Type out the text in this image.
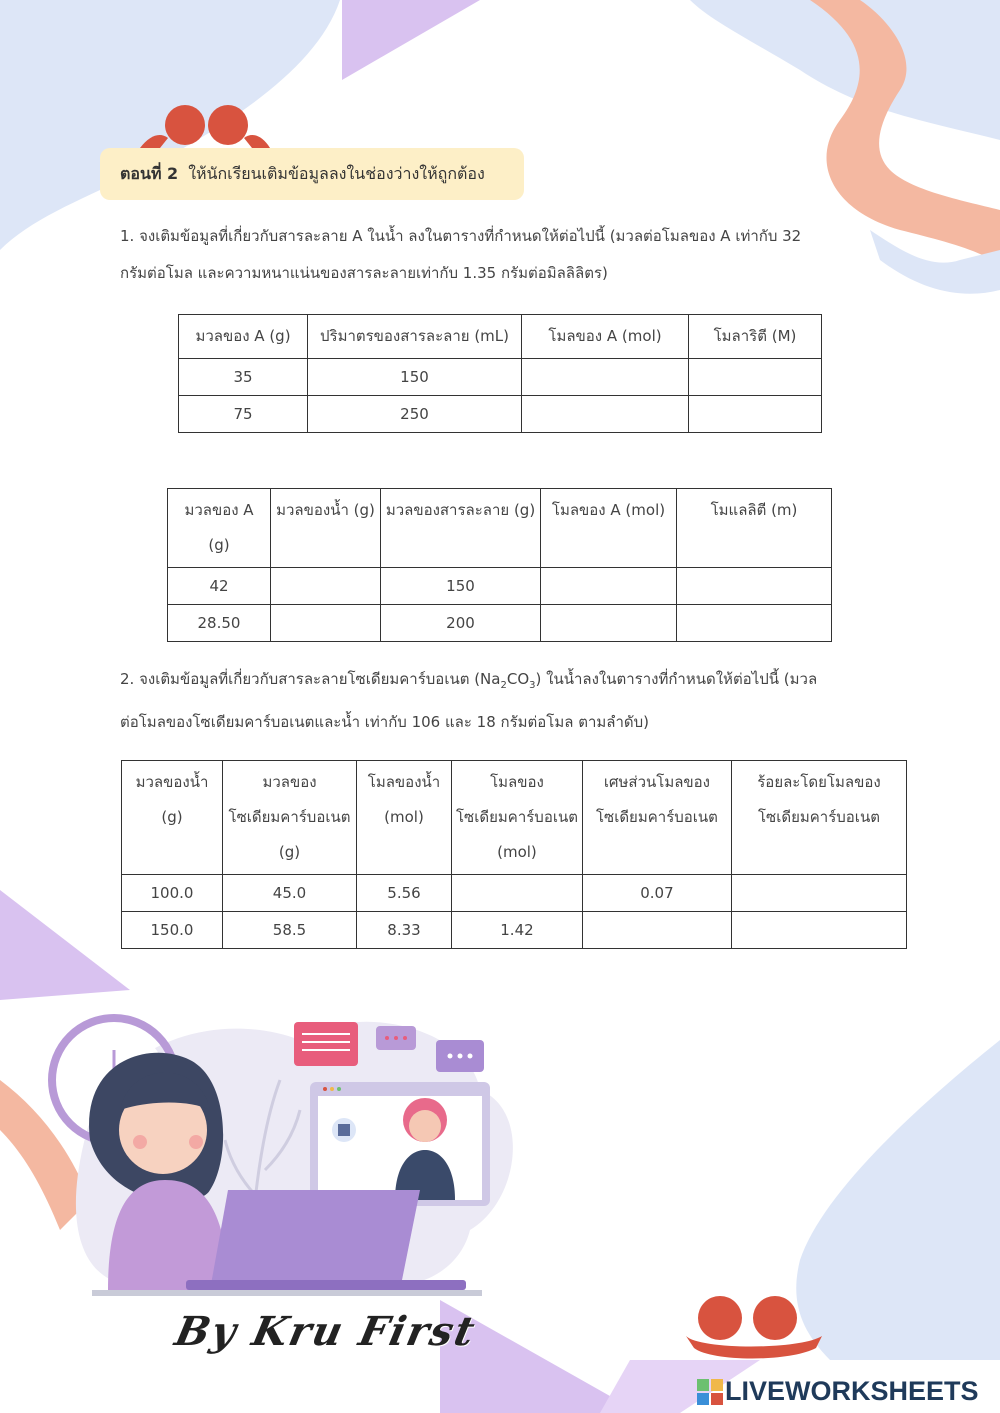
ตอนที่ 2 ให้นักเรียนเติมข้อมูลลงในช่องว่างให้ถูกต้อง
1. จงเติมข้อมูลที่เกี่ยวกับสารละลาย A ในน้ำ ลงในตารางที่กำหนดให้ต่อไปนี้ (มวลต่อโมลของ A เท่ากับ 32
กรัมต่อโมล และความหนาแน่นของสารละลายเท่ากับ 1.35 กรัมต่อมิลลิลิตร)
มวลของ A (g)	ปริมาตรของสารละลาย (mL)	โมลของ A (mol)	โมลาริตี (M)
35	150		
75	250		
มวลของ A (g)	มวลของน้ำ (g)	มวลของสารละลาย (g)	โมลของ A (mol)	โมแลลิตี (m)
42		150		
28.50		200		
2. จงเติมข้อมูลที่เกี่ยวกับสารละลายโซเดียมคาร์บอเนต $(Na_2CO_3)$ ในน้ำลงในตารางที่กำหนดให้ต่อไปนี้ (มวล
ต่อโมลของโซเดียมคาร์บอเนตและน้ำ เท่ากับ 106 และ 18 กรัมต่อโมล ตามลำดับ)
มวลของน้ำ (g)	มวลของโซเดียมคาร์บอเนต (g)	โมลของน้ำ (mol)	โมลของโซเดียมคาร์บอเนต (mol)	เศษส่วนโมลของโซเดียมคาร์บอเนต	ร้อยละโดยโมลของโซเดียมคาร์บอเนต
100.0	45.0	5.56		0.07	
150.0	58.5	8.33	1.42		
By Kru First
LIVEWORKSHEETS
